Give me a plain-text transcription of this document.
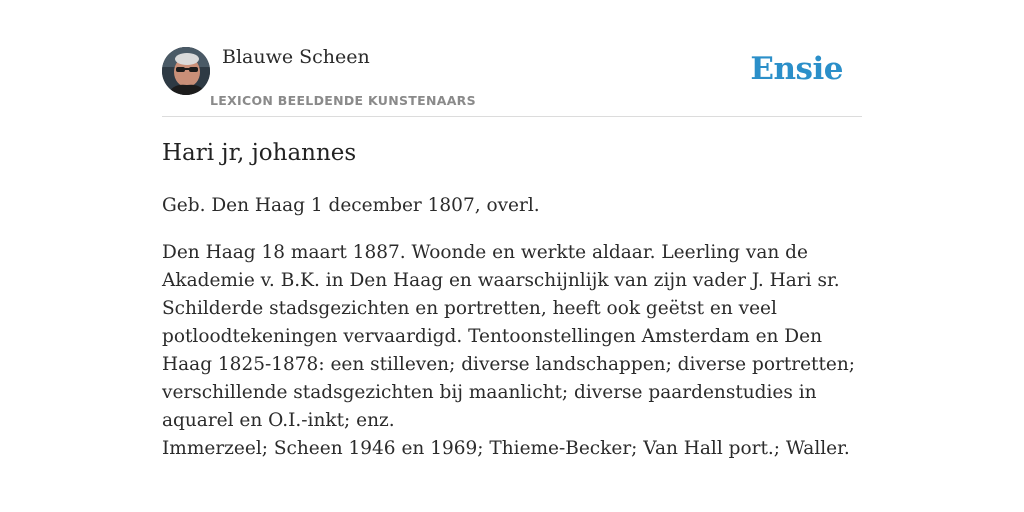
Blauwe Scheen
LEXICON BEELDENDE KUNSTENAARS
Ensie
Hari jr, johannes

Geb. Den Haag 1 december 1807, overl.

Den Haag 18 maart 1887. Woonde en werkte aldaar. Leerling van de Akademie v. B.K. in Den Haag en waarschijnlijk van zijn vader J. Hari sr. Schilderde stadsgezichten en portretten, heeft ook geëtst en veel potloodtekeningen vervaardigd. Tentoonstellingen Amsterdam en Den Haag 1825-1878: een stilleven; diverse landschappen; diverse portretten; verschillende stadsgezichten bij maanlicht; diverse paardenstudies in aquarel en O.I.-inkt; enz.

Immerzeel; Scheen 1946 en 1969; Thieme-Becker; Van Hall port.; Waller.
